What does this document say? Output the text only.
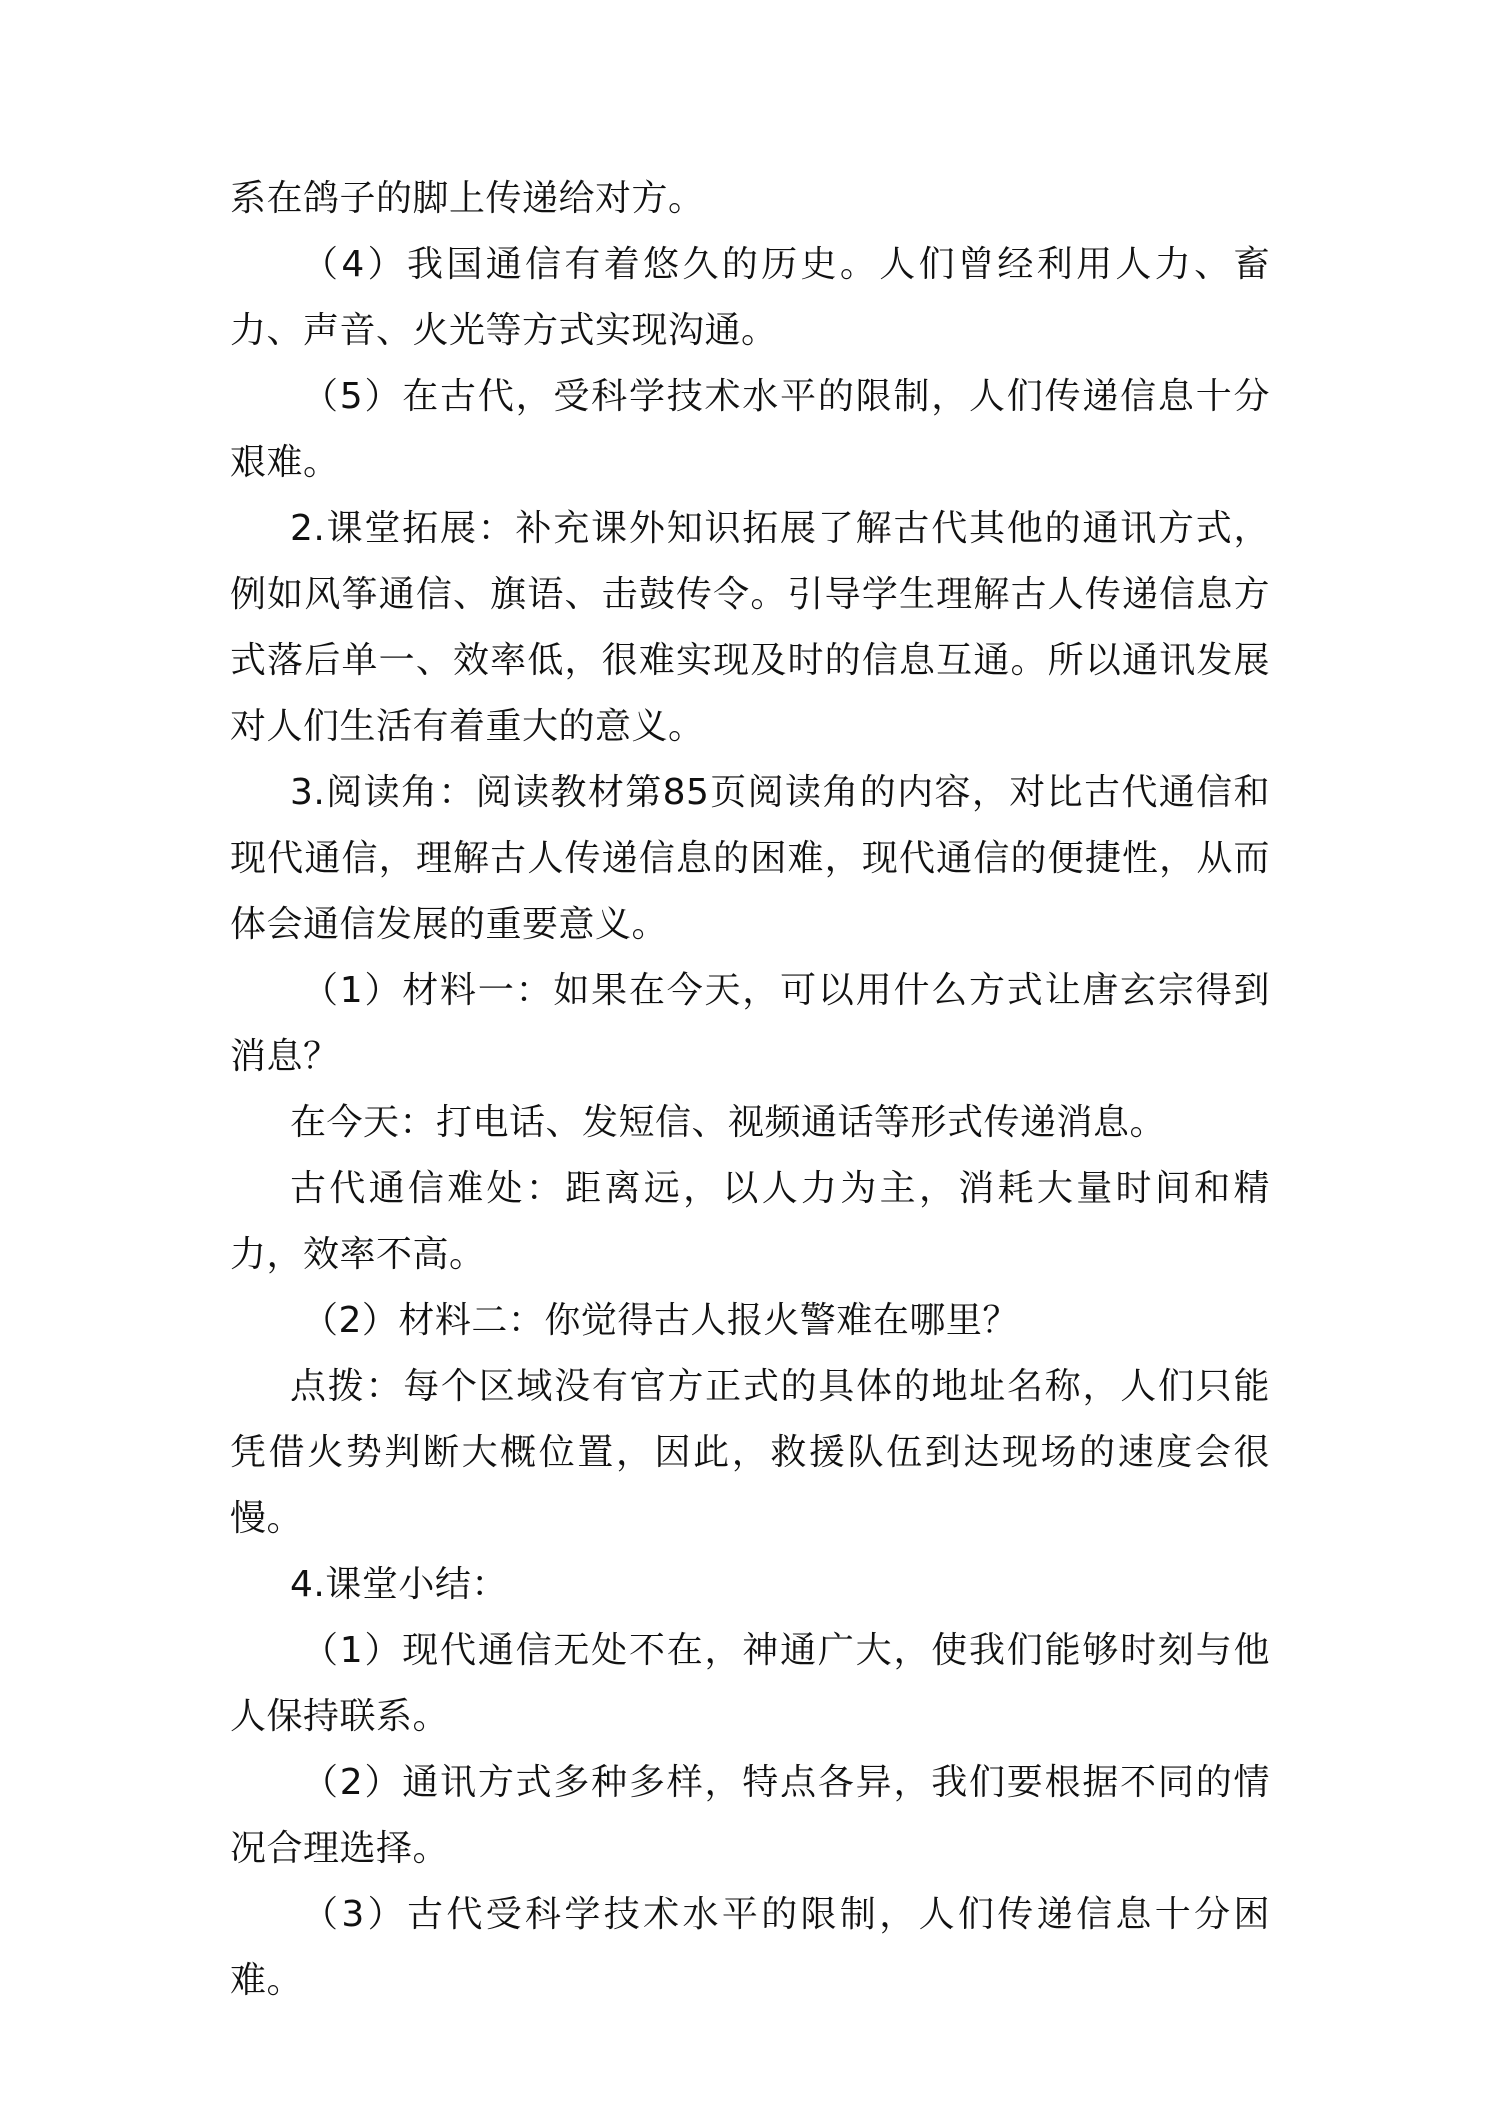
系在鸽子的脚上传递给对方。

（4）我国通信有着悠久的历史。人们曾经利用人力、畜力、声音、火光等方式实现沟通。

（5）在古代，受科学技术水平的限制，人们传递信息十分艰难。

2.课堂拓展：补充课外知识拓展了解古代其他的通讯方式，例如风筝通信、旗语、击鼓传令。引导学生理解古人传递信息方式落后单一、效率低，很难实现及时的信息互通。所以通讯发展对人们生活有着重大的意义。

3.阅读角：阅读教材第85页阅读角的内容，对比古代通信和现代通信，理解古人传递信息的困难，现代通信的便捷性，从而体会通信发展的重要意义。

（1）材料一：如果在今天，可以用什么方式让唐玄宗得到消息？

在今天：打电话、发短信、视频通话等形式传递消息。

古代通信难处：距离远，以人力为主，消耗大量时间和精力，效率不高。

（2）材料二：你觉得古人报火警难在哪里？

点拨：每个区域没有官方正式的具体的地址名称，人们只能凭借火势判断大概位置，因此，救援队伍到达现场的速度会很慢。

4.课堂小结：

（1）现代通信无处不在，神通广大，使我们能够时刻与他人保持联系。

（2）通讯方式多种多样，特点各异，我们要根据不同的情况合理选择。

（3）古代受科学技术水平的限制，人们传递信息十分困难。
